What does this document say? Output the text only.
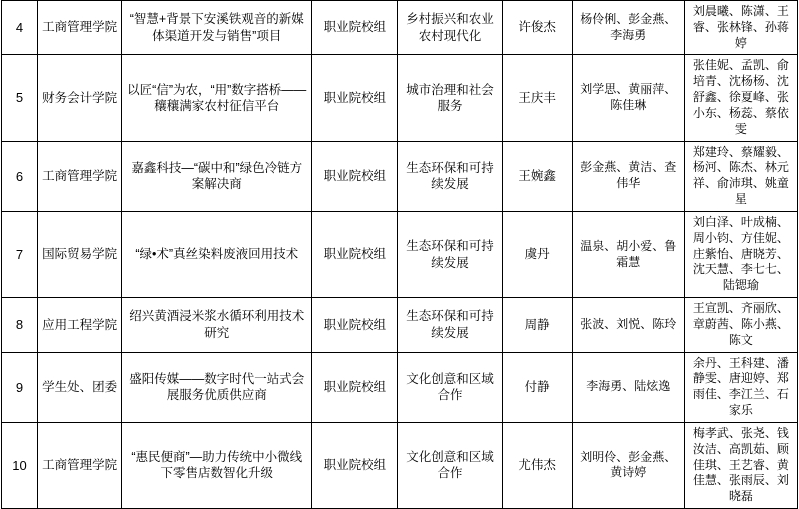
4	工商管理学院	“智慧+背景下安溪铁观音的新媒体渠道开发与销售”项目	职业院校组	乡村振兴和农业农村现代化	许俊杰	杨伶俐、彭金燕、李海勇	刘晨曦、陈潇、王睿、张林锋、孙蒋婷
5	财务会计学院	以匠“信”为农，“用”数字搭桥——穰穰满家农村征信平台	职业院校组	城市治理和社会服务	王庆丰	刘学思、黄丽萍、陈佳琳	张佳妮、孟凯、俞培青、沈杨杨、沈舒鑫、徐夏峰、张小东、杨蕊、蔡依雯
6	工商管理学院	嘉鑫科技—“碳中和”绿色冷链方案解决商	职业院校组	生态环保和可持续发展	王婉鑫	彭金燕、黄洁、查伟华	郑建玲、蔡耀毅、杨河、陈杰、林元祥、俞沛琪、姚童星
7	国际贸易学院	“绿•术”真丝染料废液回用技术	职业院校组	生态环保和可持续发展	虞丹	温泉、胡小爱、鲁霜慧	刘白泽、叶成楠、周小钧、方佳妮、庄紫怡、唐晓芳、沈天慧、李七七、陆锶瑜
8	应用工程学院	绍兴黄酒浸米浆水循环利用技术研究	职业院校组	生态环保和可持续发展	周静	张波、刘悦、陈玲	王宣凯、齐丽欣、章蔚茜、陈小燕、陈文
9	学生处、团委	盛阳传媒——数字时代一站式会展服务优质供应商	职业院校组	文化创意和区域合作	付静	李海勇、陆炫逸	余丹、王科建、潘静雯、唐迎婷、郑雨佳、李江兰、石家乐
10	工商管理学院	“惠民便商”—助力传统中小微线下零售店数智化升级	职业院校组	文化创意和区域合作	尤伟杰	刘明伶、彭金燕、黄诗婷	梅孝武、张尧、钱汝洁、高凯茹、顾佳琪、王艺睿、黄佳慧、张雨辰、刘晓磊
